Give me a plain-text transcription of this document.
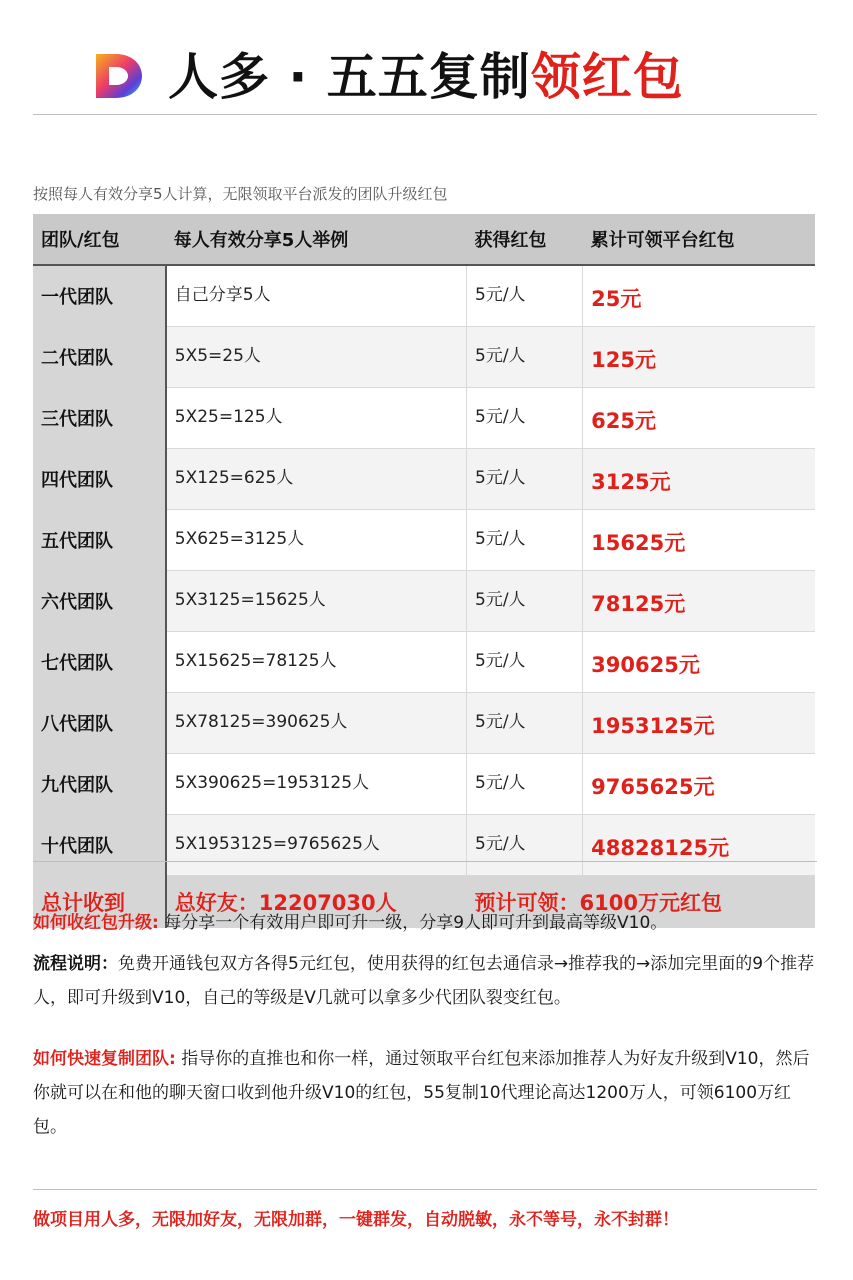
人多 · 五五复制领红包
按照每人有效分享5人计算，无限领取平台派发的团队升级红包
团队/红包	每人有效分享5人举例	获得红包	累计可领平台红包
一代团队	自己分享5人	5元/人	25元
二代团队	5X5=25人	5元/人	125元
三代团队	5X25=125人	5元/人	625元
四代团队	5X125=625人	5元/人	3125元
五代团队	5X625=3125人	5元/人	15625元
六代团队	5X3125=15625人	5元/人	78125元
七代团队	5X15625=78125人	5元/人	390625元
八代团队	5X78125=390625人	5元/人	1953125元
九代团队	5X390625=1953125人	5元/人	9765625元
十代团队	5X1953125=9765625人	5元/人	48828125元
总计收到	总好友：12207030人	预计可领：6100万元红包	
如何收红包升级: 每分享一个有效用户即可升一级，分享9人即可升到最高等级V10。
流程说明：免费开通钱包双方各得5元红包，使用获得的红包去通信录→推荐我的→添加完里面的9个推荐人，即可升级到V10，自己的等级是V几就可以拿多少代团队裂变红包。
如何快速复制团队: 指导你的直推也和你一样，通过领取平台红包来添加推荐人为好友升级到V10，然后你就可以在和他的聊天窗口收到他升级V10的红包，55复制10代理论高达1200万人，可领6100万红包。
做项目用人多，无限加好友，无限加群，一键群发，自动脱敏，永不等号，永不封群！
